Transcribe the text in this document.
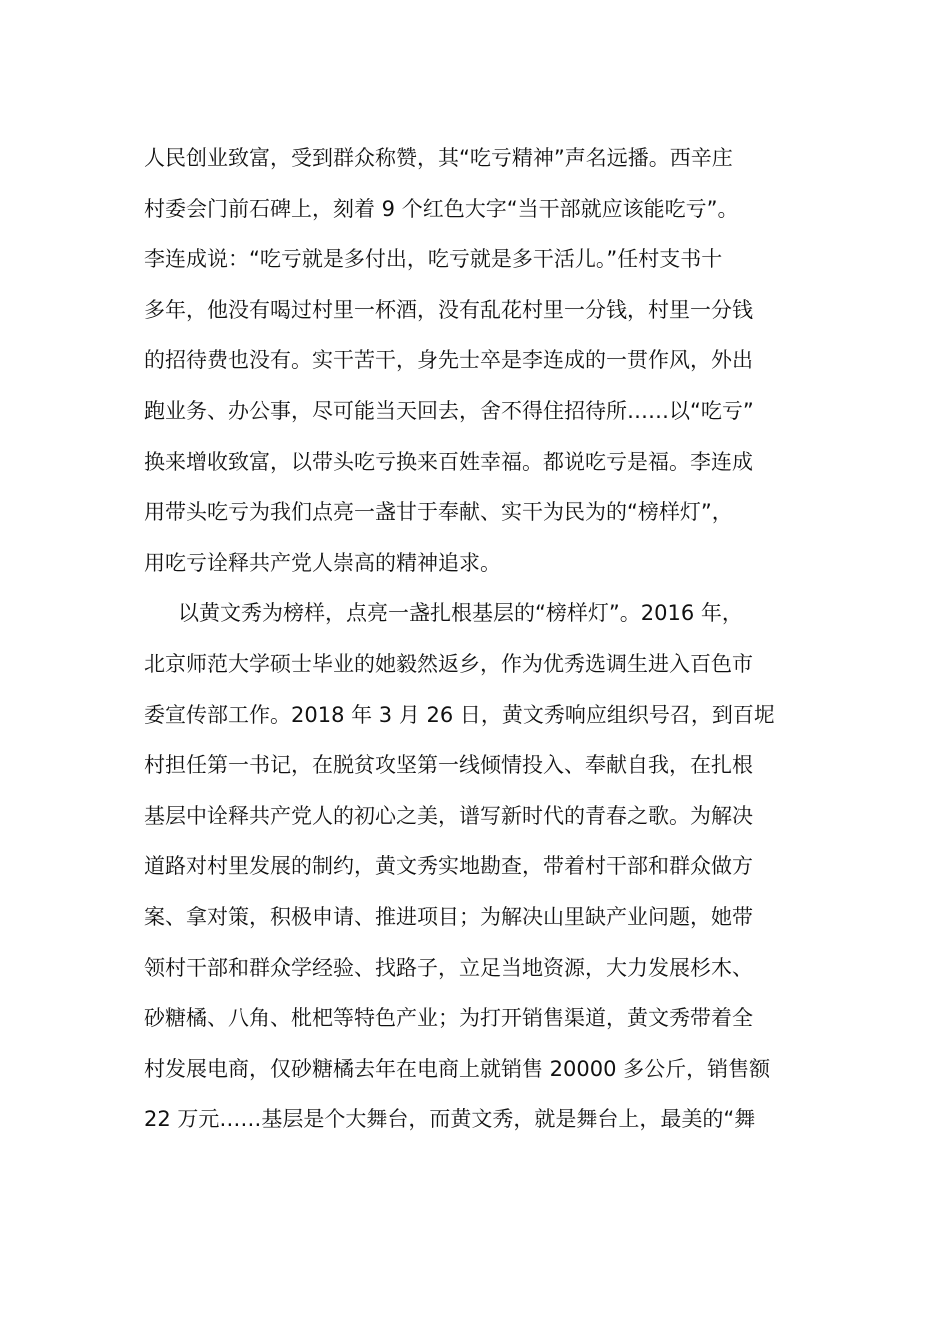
人民创业致富，受到群众称赞，其“吃亏精神”声名远播。西辛庄
村委会门前石碑上，刻着 9 个红色大字“当干部就应该能吃亏”。
李连成说：“吃亏就是多付出，吃亏就是多干活儿。”任村支书十
多年，他没有喝过村里一杯酒，没有乱花村里一分钱，村里一分钱
的招待费也没有。实干苦干，身先士卒是李连成的一贯作风，外出
跑业务、办公事，尽可能当天回去，舍不得住招待所……以“吃亏”
换来增收致富，以带头吃亏换来百姓幸福。都说吃亏是福。李连成
用带头吃亏为我们点亮一盏甘于奉献、实干为民为的“榜样灯”，
用吃亏诠释共产党人崇高的精神追求。
以黄文秀为榜样，点亮一盏扎根基层的“榜样灯”。2016 年，
北京师范大学硕士毕业的她毅然返乡，作为优秀选调生进入百色市
委宣传部工作。2018 年 3 月 26 日，黄文秀响应组织号召，到百坭
村担任第一书记，在脱贫攻坚第一线倾情投入、奉献自我，在扎根
基层中诠释共产党人的初心之美，谱写新时代的青春之歌。为解决
道路对村里发展的制约，黄文秀实地勘查，带着村干部和群众做方
案、拿对策，积极申请、推进项目；为解决山里缺产业问题，她带
领村干部和群众学经验、找路子，立足当地资源，大力发展杉木、
砂糖橘、八角、枇杷等特色产业；为打开销售渠道，黄文秀带着全
村发展电商，仅砂糖橘去年在电商上就销售 20000 多公斤，销售额
22 万元……基层是个大舞台，而黄文秀，就是舞台上，最美的“舞
